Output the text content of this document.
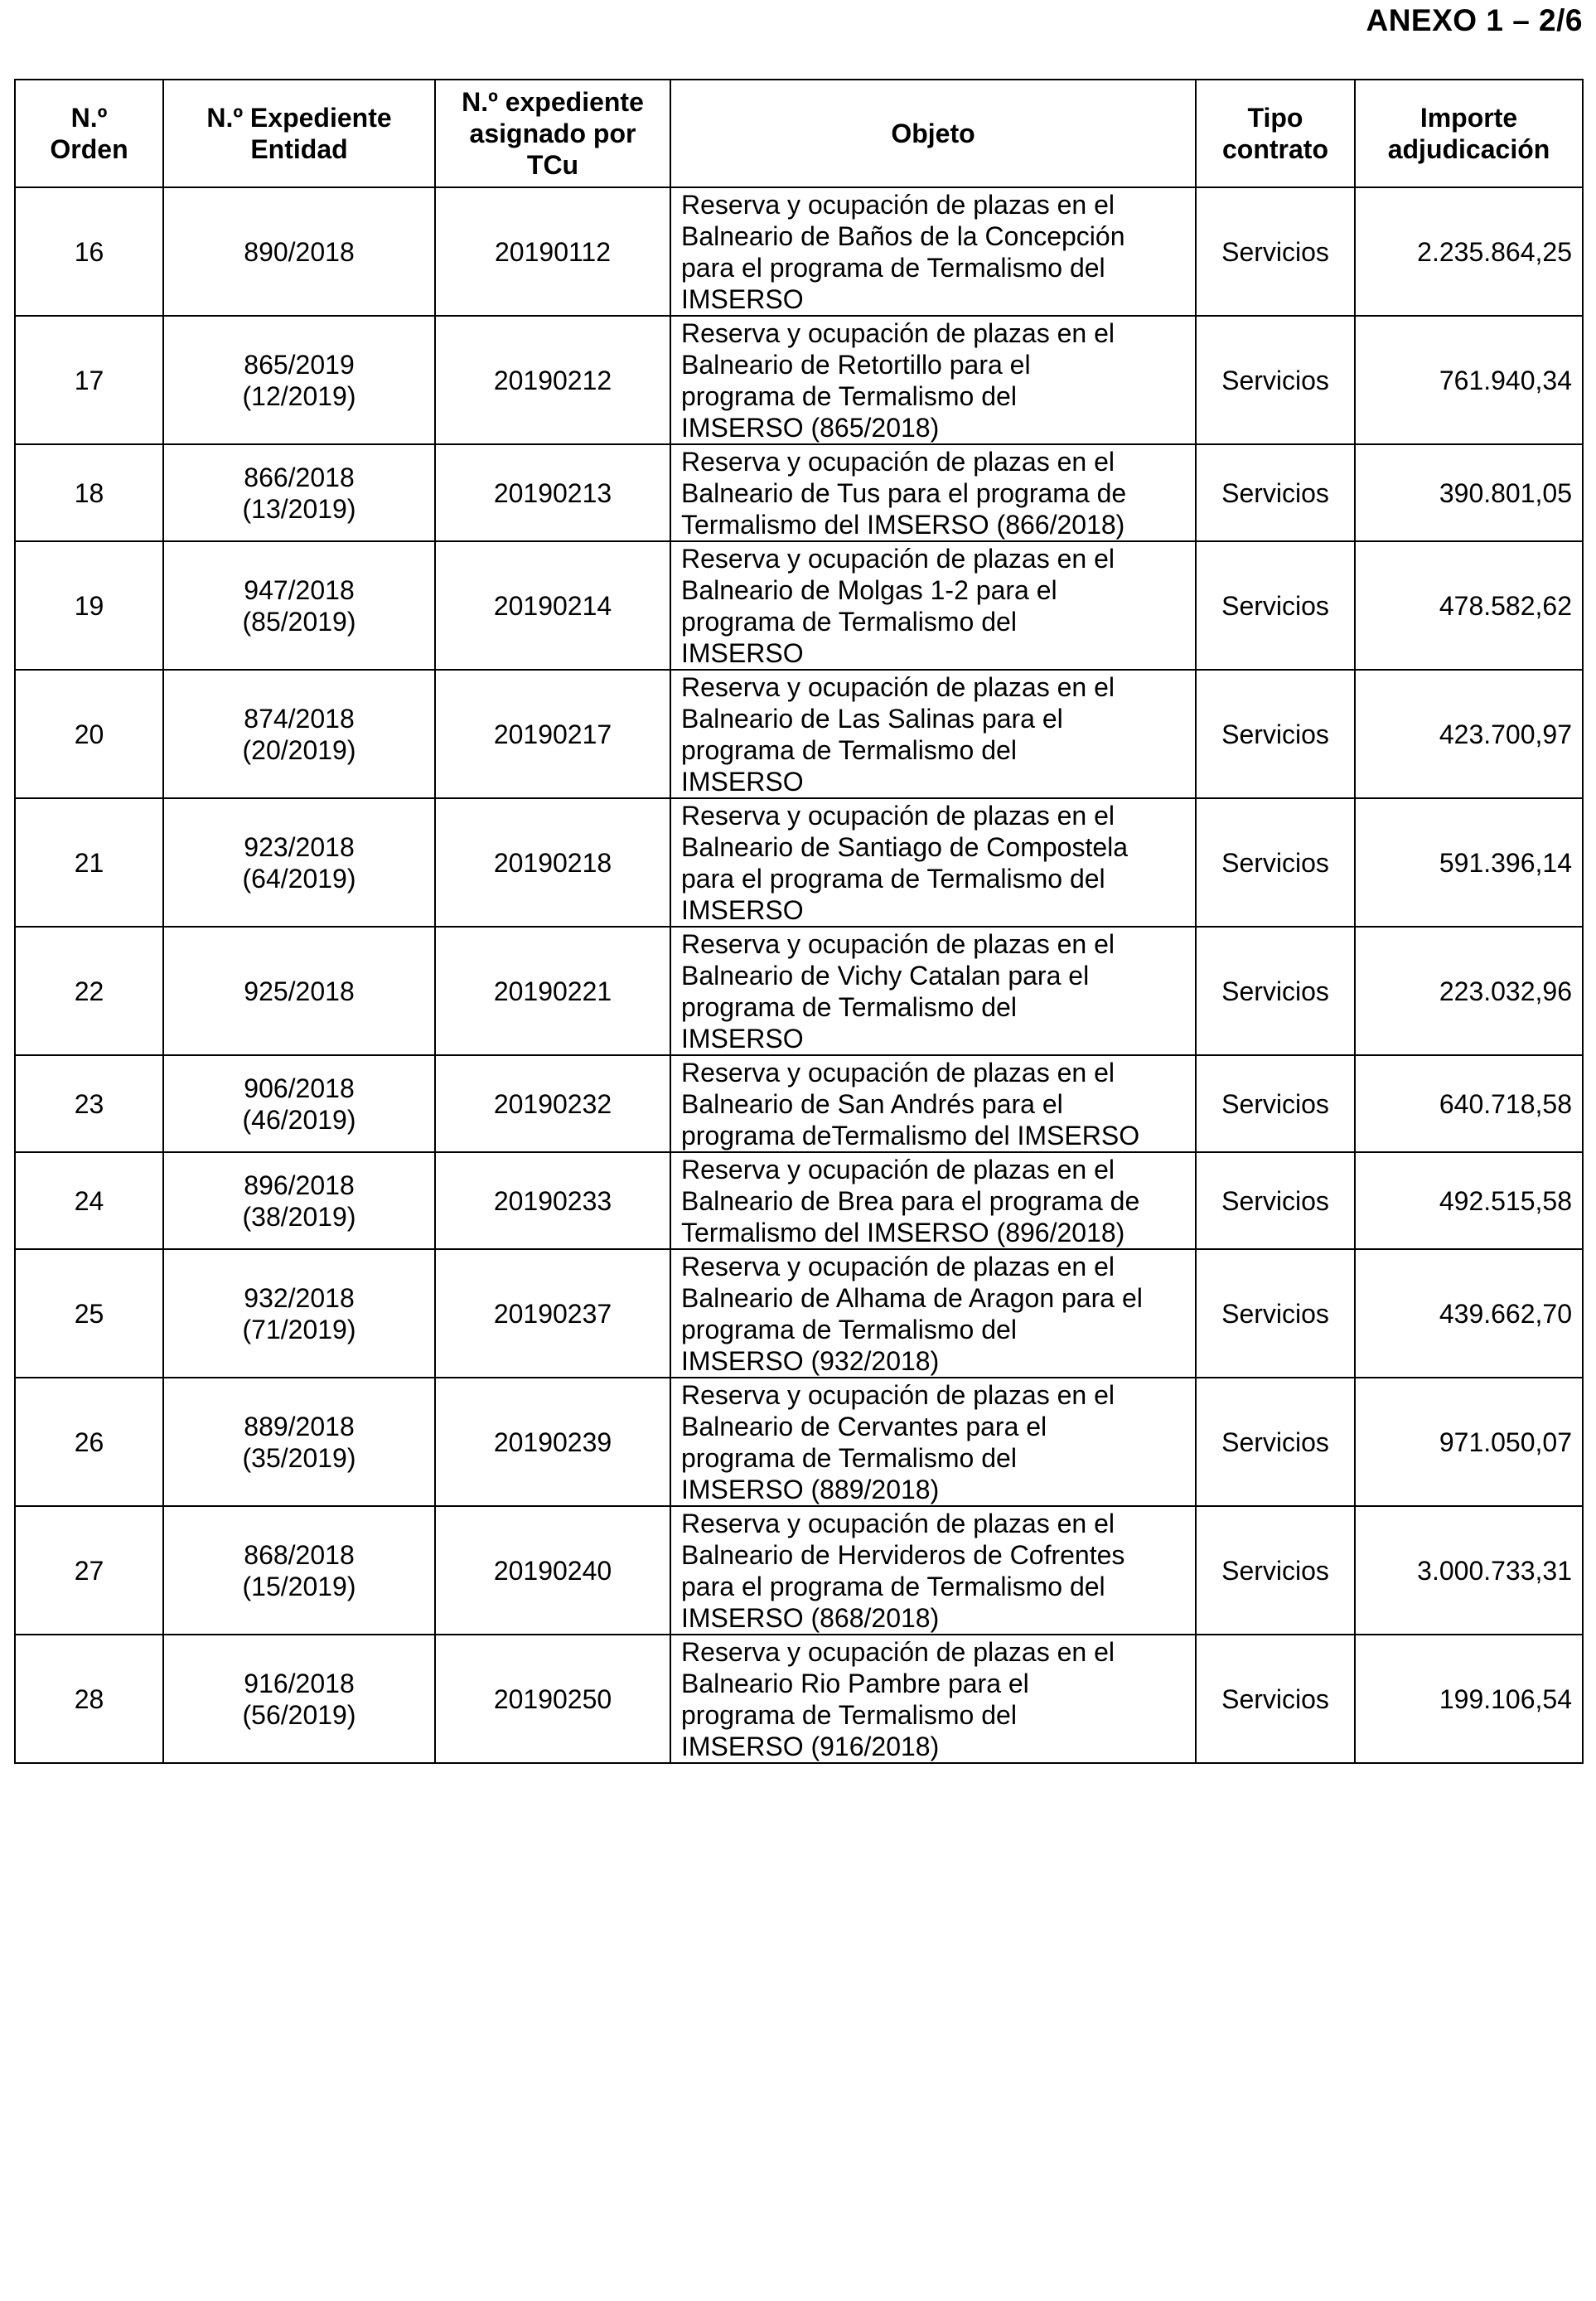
ANEXO 1 – 2/6
N.º
Orden	N.º Expediente
Entidad	N.º expediente
asignado por
TCu	Objeto	Tipo
contrato	Importe
adjudicación
16	890/2018	20190112	Reserva y ocupación de plazas en el
Balneario de Baños de la Concepción
para el programa de Termalismo del
IMSERSO	Servicios	2.235.864,25
17	865/2019
(12/2019)	20190212	Reserva y ocupación de plazas en el
Balneario de Retortillo para el
programa de Termalismo del
IMSERSO (865/2018)	Servicios	761.940,34
18	866/2018
(13/2019)	20190213	Reserva y ocupación de plazas en el
Balneario de Tus para el programa de
Termalismo del IMSERSO (866/2018)	Servicios	390.801,05
19	947/2018
(85/2019)	20190214	Reserva y ocupación de plazas en el
Balneario de Molgas 1-2 para el
programa de Termalismo del
IMSERSO	Servicios	478.582,62
20	874/2018
(20/2019)	20190217	Reserva y ocupación de plazas en el
Balneario de Las Salinas para el
programa de Termalismo del
IMSERSO	Servicios	423.700,97
21	923/2018
(64/2019)	20190218	Reserva y ocupación de plazas en el
Balneario de Santiago de Compostela
para el programa de Termalismo del
IMSERSO	Servicios	591.396,14
22	925/2018	20190221	Reserva y ocupación de plazas en el
Balneario de Vichy Catalan para el
programa de Termalismo del
IMSERSO	Servicios	223.032,96
23	906/2018
(46/2019)	20190232	Reserva y ocupación de plazas en el
Balneario de San Andrés para el
programa deTermalismo del IMSERSO	Servicios	640.718,58
24	896/2018
(38/2019)	20190233	Reserva y ocupación de plazas en el
Balneario de Brea para el programa de
Termalismo del IMSERSO (896/2018)	Servicios	492.515,58
25	932/2018
(71/2019)	20190237	Reserva y ocupación de plazas en el
Balneario de Alhama de Aragon para el
programa de Termalismo del
IMSERSO (932/2018)	Servicios	439.662,70
26	889/2018
(35/2019)	20190239	Reserva y ocupación de plazas en el
Balneario de Cervantes para el
programa de Termalismo del
IMSERSO (889/2018)	Servicios	971.050,07
27	868/2018
(15/2019)	20190240	Reserva y ocupación de plazas en el
Balneario de Hervideros de Cofrentes
para el programa de Termalismo del
IMSERSO (868/2018)	Servicios	3.000.733,31
28	916/2018
(56/2019)	20190250	Reserva y ocupación de plazas en el
Balneario Rio Pambre para el
programa de Termalismo del
IMSERSO (916/2018)	Servicios	199.106,54
